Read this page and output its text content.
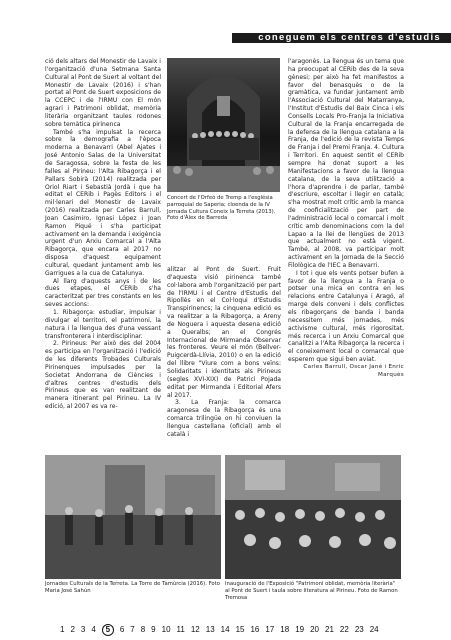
coneguem els centres d'estudis

ció dels altars del Monestir de Lavaix i l'organització d'una Setmana Santa Cultural al Pont de Suert al voltant del Monestir de Lavaix (2016) i s'han portat al Pont de Suert exposicions de la CCEPC i de l'IRMU con El món agrari i Patrimoni oblidat, memòria literària organitzant taules rodones sobre temàtica pirinenca

També s'ha impulsat la recerca sobre la demografia a l'època moderna a Benavarri (Abel Ajates i José Antonio Salas de la Universitat de Saragossa, sobre la festa de les falles al Pirineu: l'Alta Ribagorça i el Pallars Sobirà (2014) realitzada per Oriol Riart i Sebastià Jordà i que ha editat el CERib i Pagès Editors i el mil·lenari del Monestir de Lavaix (2016) realitzada per Carles Barrull, Joan Casimiro, Ignasi López i Joan Ramon Piqué i s'ha participat activament en la demanda i exigència urgent d'un Arxiu Comarcal a l'Alta Ribagorça, que encara al 2017 no disposa d'aquest equipament cultural, quedant juntament amb les Garrigues a la cua de Catalunya.

Al llarg d'aquests anys i de les dues etapes, el CERib s'ha caracteritzat per tres constants en les seves accions:

1. Ribagorça: estudiar, impulsar i divulgar el territori, el patrimoni, la natura i la llengua des d'una vessant transfronterera i interdisciplinar.

2. Pirineus: Per això des del 2004 es participa en l'organització i l'edició de les diferents Trobades Culturals Pirinenques impulsades per la Societat Andorrana de Ciències i d'altres centres d'estudis dels Pirineus que es van realitzant de manera itinerant pel Pirineu. La IV edició, al 2007 es va re-

Concert de l'Orfeó de Tremp a l'església parroquial de Saperia; cloenda de la IV Jornada Cultura Coneix la Terreta (2013). Foto d'Àlex de Barreda

alitzar al Pont de Suert. Fruit d'aquesta visió pirinenca també col·labora amb l'organització per part de l'IRMU i el Centre d'Estudis del Ripollès en el Col·loqui d'Estudis Transpirinencs; la cinquena edició es va realitzar a la Ribagorça, a Areny de Noguera i aquesta desena edició a Queralbs; an el Congrés Internacional de Mirmanda Observar les fronteres. Veure el món (Bellver-Puigcerdà-Llívia, 2010) o en la edició del llibre "Viure com a bons veïns: Solidaritats i identitats als Pirineus (segles XVI-XIX) de Patrici Pojada editat per Mirmanda i Editorial Afers al 2017.

3. La Franja: la comarca aragonesa de la Ribagorça és una comarca trilingüe on hi conviuen la llengua castellana (oficial) amb el català i

l'aragonès. La llengua és un tema que ha preocupat al CERib des de la seva gènesi; per això ha fet manifestos a favor del benasquès o de la gramàtica, va fundar juntament amb l'Associació Cultural del Matarranya, l'Institut d'Estudis del Baix Cinca i els Consells Locals Pro-Franja la Iniciativa Cultural de la Franja encarregada de la defensa de la llengua catalana a la Franja, de l'edició de la revista Temps de Franja i del Premi Franja. 4. Cultura i Territori. En aquest sentit el CERib sempre ha donat suport a les Manifestacions a favor de la llengua catalana, de la seva utilització a l'hora d'aprendre i de parlar, també d'escriure, escoltar i llegir en català; s'ha mostrat molt crític amb la manca de cooficialització per part de l'administració local o comarcal i molt crític amb denominacions com la del Lapao a la llei de llengües de 2013 que actualment no està vigent. També, al 2008, va participar molt activament en la Jornada de la Secció Filològica de l'IEC a Benavarri.

I tot i que els vents potser bufen a favor de la llengua a la Franja o potser una mica en contra en les relacions entre Catalunya i Aragó, al marge dels conveni i dels conflictes els ribagorçans de banda i banda necessitem més jornades, més activisme cultural, més rigorositat, més recerca i un Arxiu Comarcal que canalitzi a l'Alta Ribagorça la recerca i el coneixement local o comarcal que esperem que sigui ben aviat.

Carles Barrull, Oscar Jané i Enric Marquès

Jornades Culturals de la Terreta. La Torre de Tamúrcia (2016). Foto Maria José Sahún
Inauguració de l'Exposició "Patrimoni oblidat, memòria literària" al Pont de Suert i taula sobre literatura al Pirineu. Foto de Ramon Tremosa
1 2 3 4 5 6 7 8 9 10 11 12 13 14 15 16 17 18 19 20 21 22 23 24
